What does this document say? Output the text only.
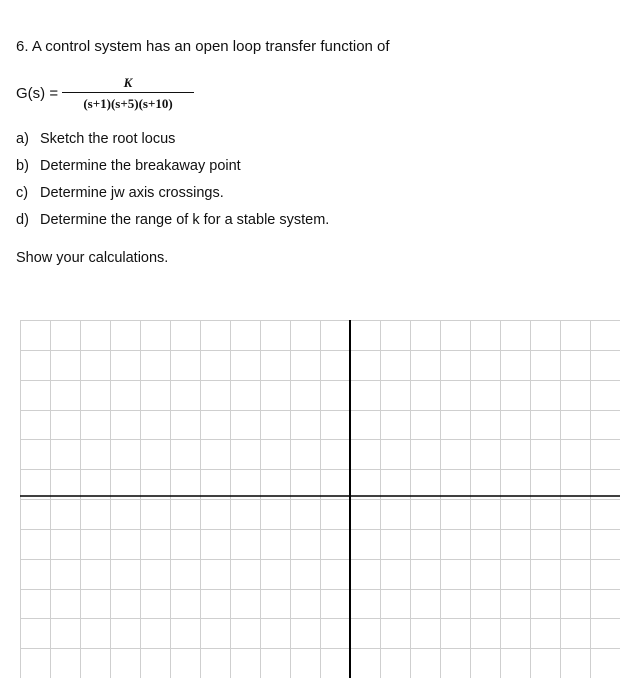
6. A control system has an open loop transfer function of
G(s) =
K
(s+1)(s+5)(s+10)
a) Sketch the root locus
b) Determine the breakaway point
c) Determine jw axis crossings.
d) Determine the range of k for a stable system.
Show your calculations.
